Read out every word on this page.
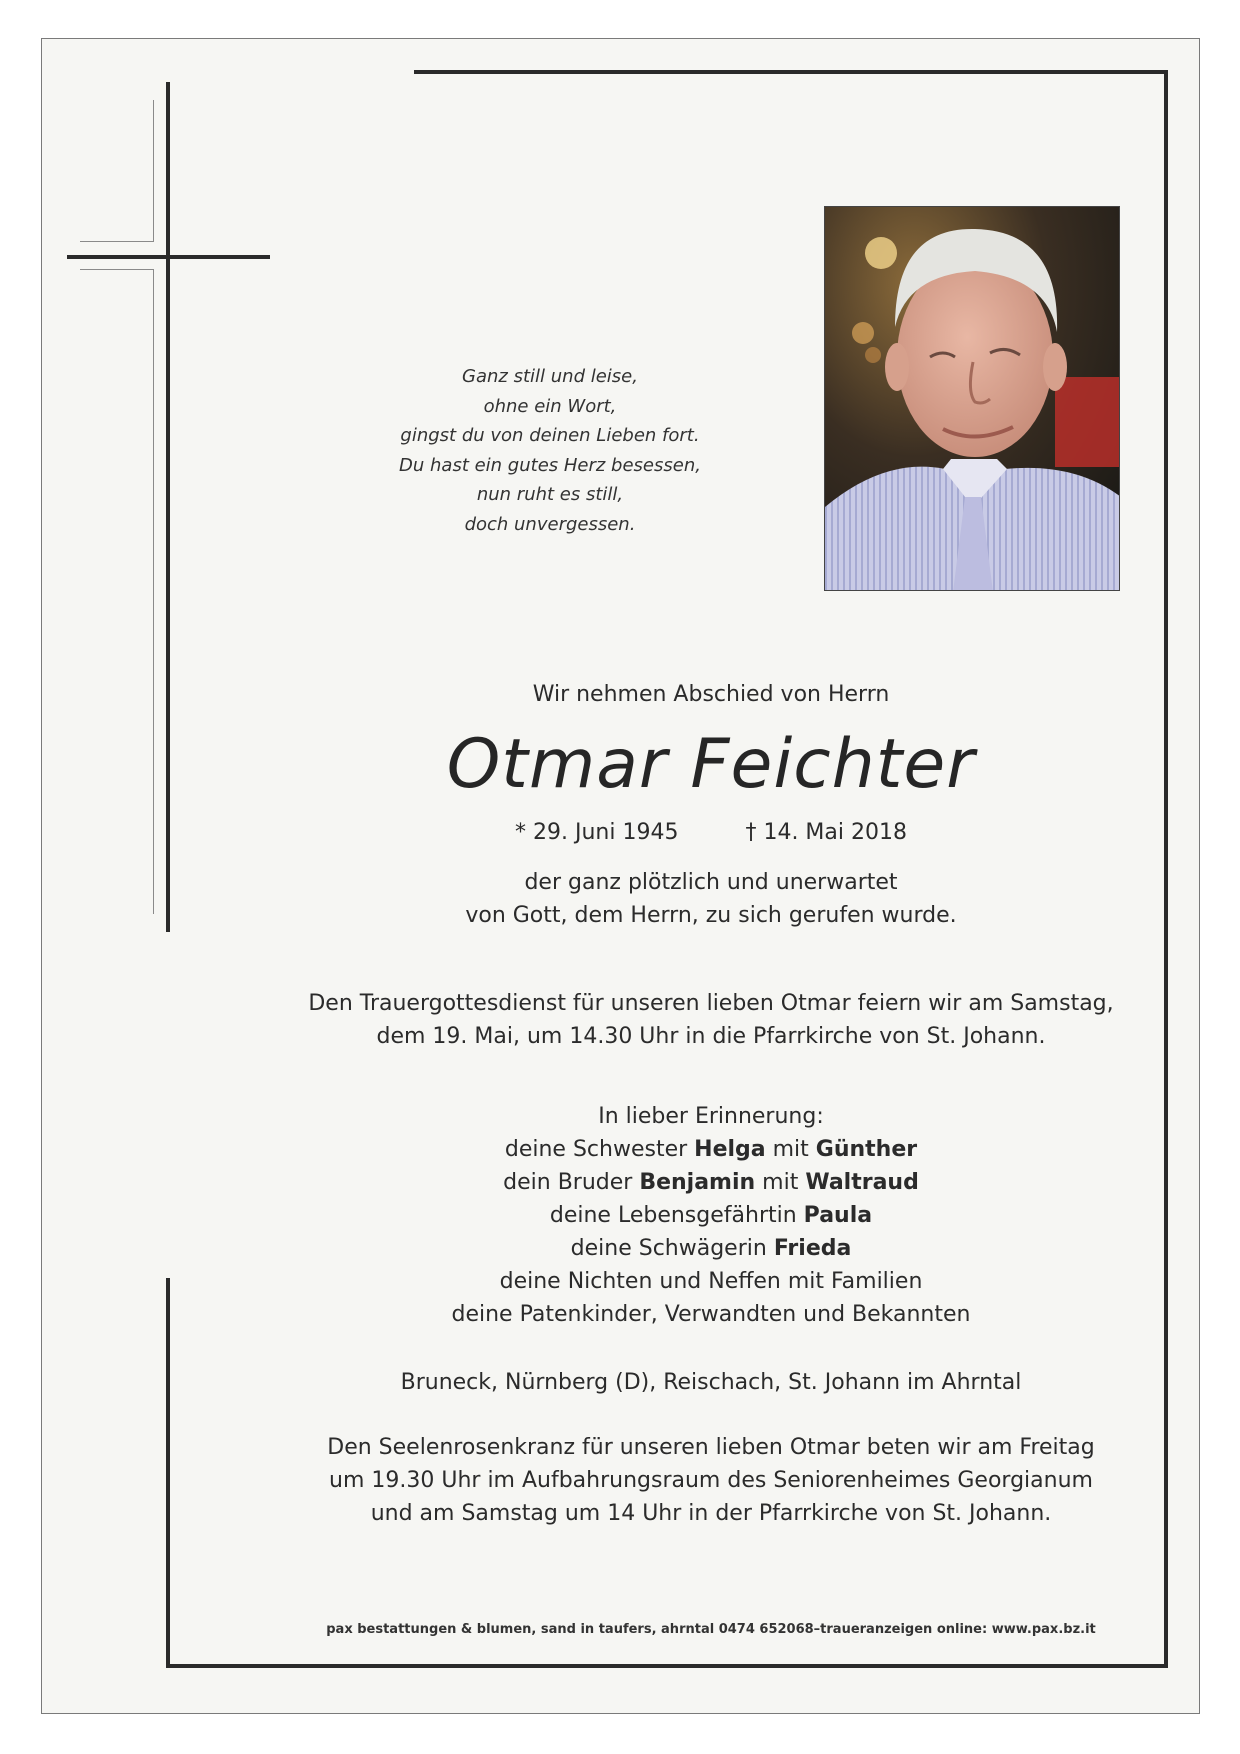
Ganz still und leise,
ohne ein Wort,
gingst du von deinen Lieben fort.
Du hast ein gutes Herz besessen,
nun ruht es still,
doch unvergessen.
Wir nehmen Abschied von Herrn
Otmar Feichter
* 29. Juni 1945	† 14. Mai 2018
der ganz plötzlich und unerwartet
von Gott, dem Herrn, zu sich gerufen wurde.
Den Trauergottesdienst für unseren lieben Otmar feiern wir am Samstag,
dem 19. Mai, um 14.30 Uhr in die Pfarrkirche von St. Johann.
In lieber Erinnerung:
deine Schwester Helga mit Günther
dein Bruder Benjamin mit Waltraud
deine Lebensgefährtin Paula
deine Schwägerin Frieda
deine Nichten und Neffen mit Familien
deine Patenkinder, Verwandten und Bekannten
Bruneck, Nürnberg (D), Reischach, St. Johann im Ahrntal
Den Seelenrosenkranz für unseren lieben Otmar beten wir am Freitag
um 19.30 Uhr im Aufbahrungsraum des Seniorenheimes Georgianum
und am Samstag um 14 Uhr in der Pfarrkirche von St. Johann.
pax bestattungen & blumen, sand in taufers, ahrntal 0474 652068–traueranzeigen online: www.pax.bz.it
